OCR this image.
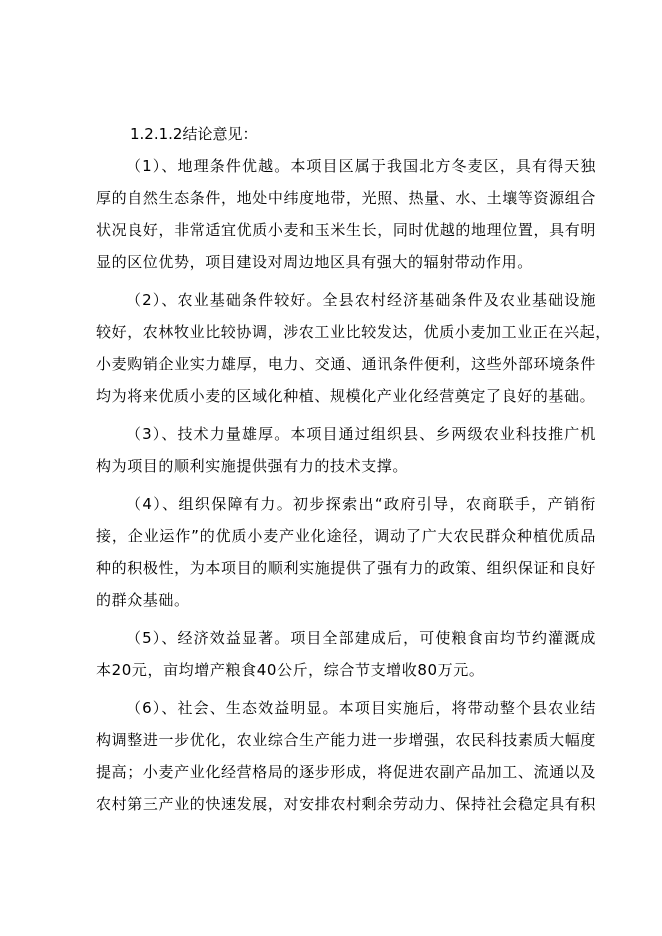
1.2.1.2结论意见：
（1）、地理条件优越。本项目区属于我国北方冬麦区，具有得天独
厚的自然生态条件，地处中纬度地带，光照、热量、水、土壤等资源组合
状况良好，非常适宜优质小麦和玉米生长，同时优越的地理位置，具有明
显的区位优势，项目建设对周边地区具有强大的辐射带动作用。
（2）、农业基础条件较好。全县农村经济基础条件及农业基础设施
较好，农林牧业比较协调，涉农工业比较发达，优质小麦加工业正在兴起，
小麦购销企业实力雄厚，电力、交通、通讯条件便利，这些外部环境条件
均为将来优质小麦的区域化种植、规模化产业化经营奠定了良好的基础。
（3）、技术力量雄厚。本项目通过组织县、乡两级农业科技推广机
构为项目的顺利实施提供强有力的技术支撑。
（4）、组织保障有力。初步探索出“政府引导，农商联手，产销衔
接，企业运作”的优质小麦产业化途径，调动了广大农民群众种植优质品
种的积极性，为本项目的顺利实施提供了强有力的政策、组织保证和良好
的群众基础。
（5）、经济效益显著。项目全部建成后，可使粮食亩均节约灌溉成
本20元，亩均增产粮食40公斤，综合节支增收80万元。
（6）、社会、生态效益明显。本项目实施后，将带动整个县农业结
构调整进一步优化，农业综合生产能力进一步增强，农民科技素质大幅度
提高；小麦产业化经营格局的逐步形成，将促进农副产品加工、流通以及
农村第三产业的快速发展，对安排农村剩余劳动力、保持社会稳定具有积
